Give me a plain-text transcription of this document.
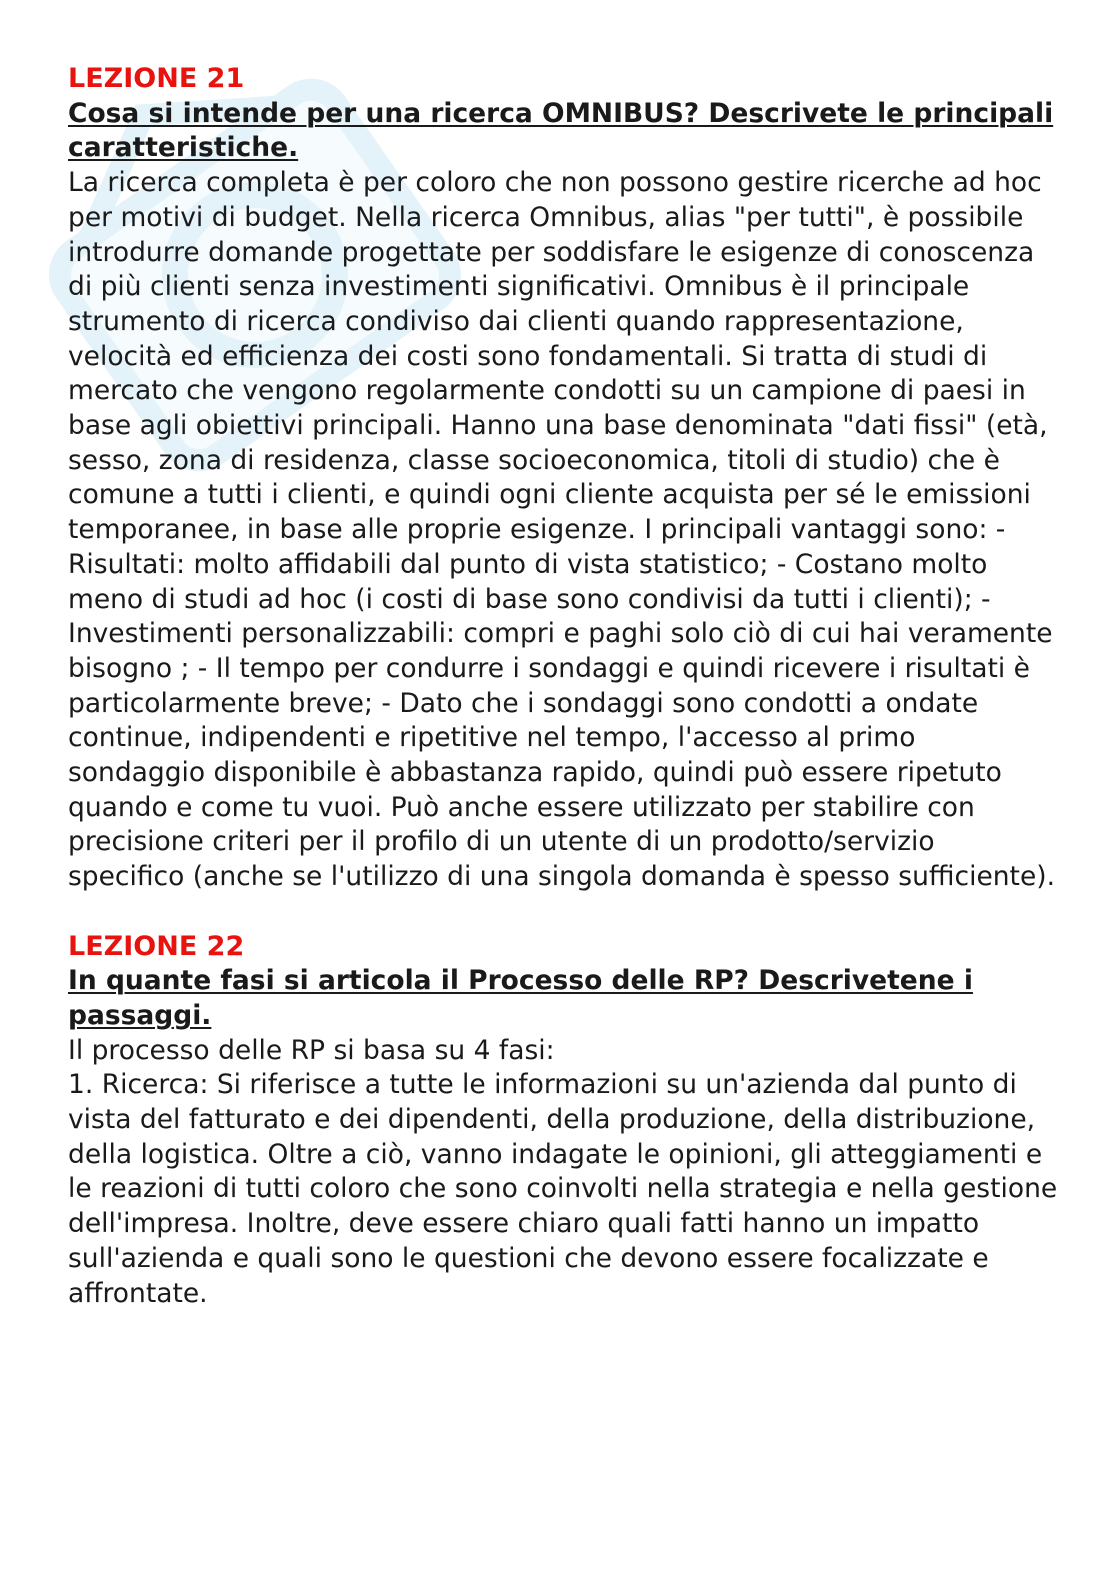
LEZIONE 21
Cosa si intende per una ricerca OMNIBUS? Descrivete le principali caratteristiche.

La ricerca completa è per coloro che non possono gestire ricerche ad hoc per motivi di budget. Nella ricerca Omnibus, alias "per tutti", è possibile introdurre domande progettate per soddisfare le esigenze di conoscenza di più clienti senza investimenti significativi. Omnibus è il principale strumento di ricerca condiviso dai clienti quando rappresentazione, velocità ed efficienza dei costi sono fondamentali. Si tratta di studi di mercato che vengono regolarmente condotti su un campione di paesi in base agli obiettivi principali. Hanno una base denominata "dati fissi" (età, sesso, zona di residenza, classe socioeconomica, titoli di studio) che è comune a tutti i clienti, e quindi ogni cliente acquista per sé le emissioni temporanee, in base alle proprie esigenze. I principali vantaggi sono: - Risultati: molto affidabili dal punto di vista statistico; - Costano molto meno di studi ad hoc (i costi di base sono condivisi da tutti i clienti); - Investimenti personalizzabili: compri e paghi solo ciò di cui hai veramente bisogno ; - Il tempo per condurre i sondaggi e quindi ricevere i risultati è particolarmente breve; - Dato che i sondaggi sono condotti a ondate continue, indipendenti e ripetitive nel tempo, l'accesso al primo sondaggio disponibile è abbastanza rapido, quindi può essere ripetuto quando e come tu vuoi. Può anche essere utilizzato per stabilire con precisione criteri per il profilo di un utente di un prodotto/servizio specifico (anche se l'utilizzo di una singola domanda è spesso sufficiente).

LEZIONE 22
In quante fasi si articola il Processo delle RP? Descrivetene i passaggi.

Il processo delle RP si basa su 4 fasi:

1. Ricerca: Si riferisce a tutte le informazioni su un'azienda dal punto di vista del fatturato e dei dipendenti, della produzione, della distribuzione, della logistica. Oltre a ciò, vanno indagate le opinioni, gli atteggiamenti e le reazioni di tutti coloro che sono coinvolti nella strategia e nella gestione dell'impresa. Inoltre, deve essere chiaro quali fatti hanno un impatto sull'azienda e quali sono le questioni che devono essere focalizzate e affrontate.
